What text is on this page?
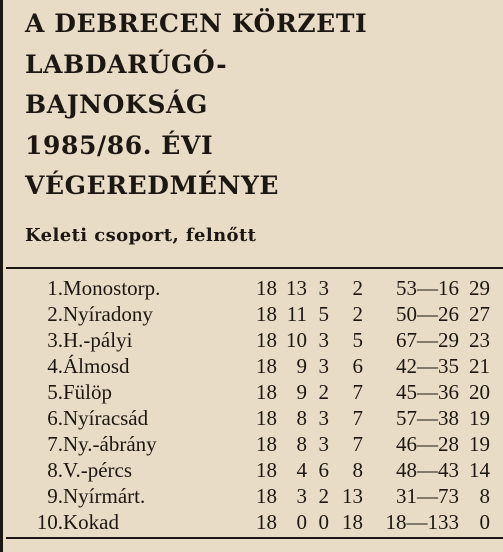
A DEBRECEN KÖRZETI
LABDARÚGÓ-
BAJNOKSÁG
1985/86. ÉVI
VÉGEREDMÉNYE
Keleti csoport, felnőtt
1.	Monostorp.	18	13	3	2	53—16	29
2.	Nyíradony	18	11	5	2	50—26	27
3.	H.-pályi	18	10	3	5	67—29	23
4.	Álmosd	18	9	3	6	42—35	21
5.	Fülöp	18	9	2	7	45—36	20
6.	Nyíracsád	18	8	3	7	57—38	19
7.	Ny.-ábrány	18	8	3	7	46—28	19
8.	V.-pércs	18	4	6	8	48—43	14
9.	Nyírmárt.	18	3	2	13	31—73	8
10.	Kokad	18	0	0	18	18—133	0
